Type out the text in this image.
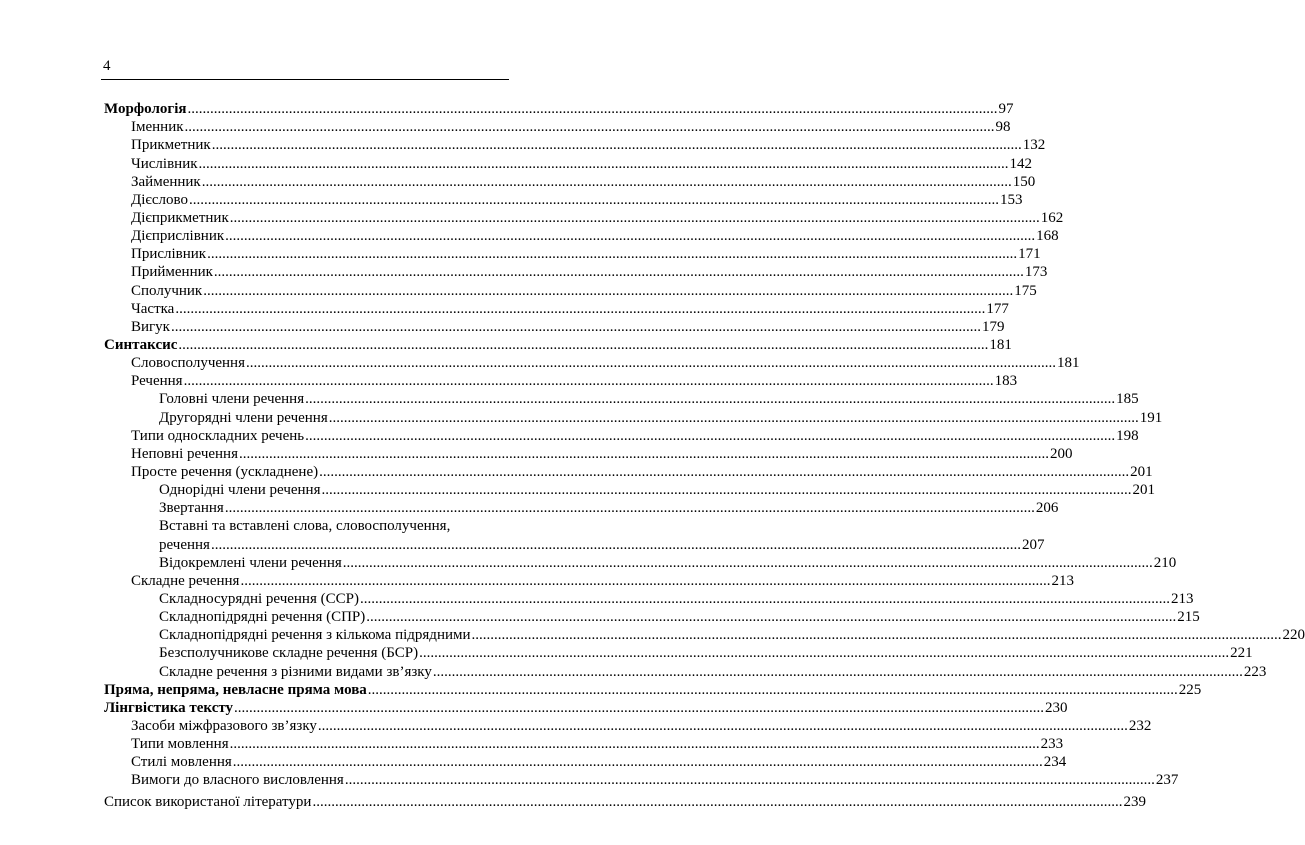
4
Морфологія .....	97
Іменник .....	98
Прикметник .....	132
Числівник .....	142
Займенник .....	150
Дієслово .....	153
Дієприкметник .....	162
Дієприслівник .....	168
Прислівник .....	171
Прийменник .....	173
Сполучник .....	175
Частка .....	177
Вигук .....	179
Синтаксис .....	181
Словосполучення .....	181
Речення .....	183
Головні члени речення .....	185
Другорядні члени речення .....	191
Типи односкладних речень .....	198
Неповні речення .....	200
Просте речення (ускладнене) .....	201
Однорідні члени речення .....	201
Звертання .....	206
Вставні та вставлені слова, словосполучення,
речення .....	207
Відокремлені члени речення .....	210
Складне речення .....	213
Складносурядні речення (ССР) .....	213
Складнопідрядні речення (СПР) .....	215
Складнопідрядні речення з кількома підрядними .....	220
Безсполучникове складне речення (БСР) .....	221
Складне речення з різними видами зв’язку .....	223
Пряма, непряма, невласне пряма мова .....	225
Лінгвістика тексту .....	230
Засоби міжфразового зв’язку .....	232
Типи мовлення .....	233
Стилі мовлення .....	234
Вимоги до власного висловлення .....	237
Список використаної літератури .....	239
